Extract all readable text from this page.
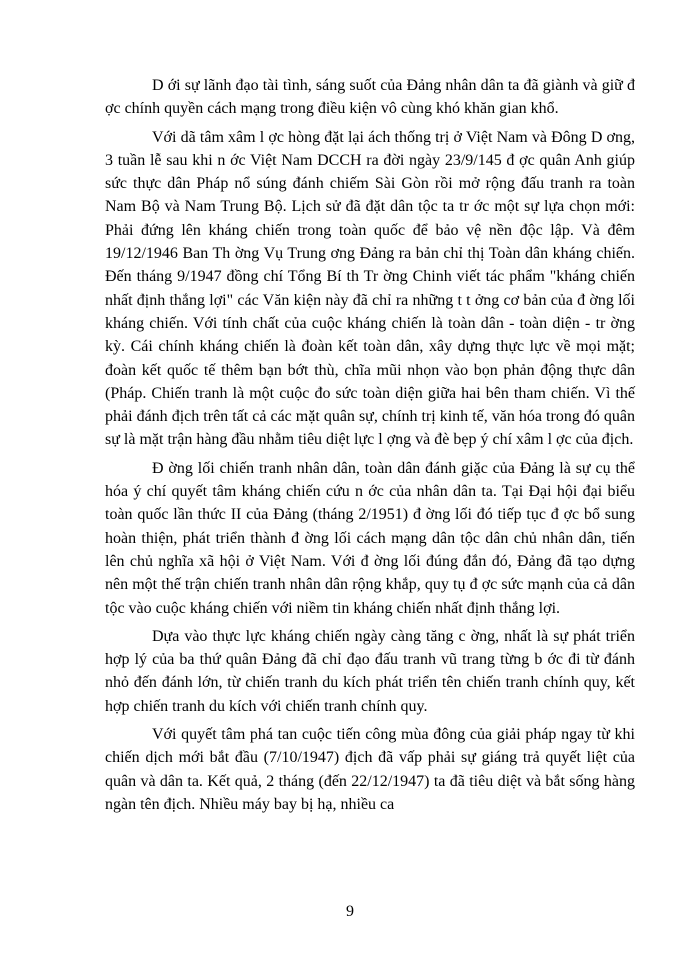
D ới sự lãnh đạo tài tình, sáng suốt của Đảng nhân dân ta đã giành và giữ đ ợc chính quyền cách mạng trong điều kiện vô cùng khó khăn gian khổ.

Với dã tâm xâm l ợc hòng đặt lại ách thống trị ở Việt Nam và Đông D ơng, 3 tuần lễ sau khi n ớc Việt Nam DCCH ra đời ngày 23/9/145 đ ợc quân Anh giúp sức thực dân Pháp nổ súng đánh chiếm Sài Gòn rồi mở rộng đấu tranh ra toàn Nam Bộ và Nam Trung Bộ. Lịch sử đã đặt dân tộc ta tr ớc một sự lựa chọn mới: Phải đứng lên kháng chiến trong toàn quốc để bảo vệ nền độc lập. Và đêm 19/12/1946 Ban Th ờng Vụ Trung ơng Đảng ra bản chỉ thị Toàn dân kháng chiến. Đến tháng 9/1947 đồng chí Tổng Bí th Tr ờng Chinh viết tác phẩm "kháng chiến nhất định thắng lợi" các Văn kiện này đã chỉ ra những t t ởng cơ bản của đ ờng lối kháng chiến. Với tính chất của cuộc kháng chiến là toàn dân - toàn diện - tr ờng kỳ. Cái chính kháng chiến là đoàn kết toàn dân, xây dựng thực lực về mọi mặt; đoàn kết quốc tế thêm bạn bớt thù, chĩa mũi nhọn vào bọn phản động thực dân (Pháp. Chiến tranh là một cuộc đo sức toàn diện giữa hai bên tham chiến. Vì thế phải đánh địch trên tất cả các mặt quân sự, chính trị kinh tế, văn hóa trong đó quân sự là mặt trận hàng đầu nhằm tiêu diệt lực l ợng và đè bẹp ý chí xâm l ợc của địch.

Đ ờng lối chiến tranh nhân dân, toàn dân đánh giặc của Đảng là sự cụ thể hóa ý chí quyết tâm kháng chiến cứu n ớc của nhân dân ta. Tại Đại hội đại biểu toàn quốc lần thức II của Đảng (tháng 2/1951) đ ờng lối đó tiếp tục đ ợc bổ sung hoàn thiện, phát triển thành đ ờng lối cách mạng dân tộc dân chủ nhân dân, tiến lên chủ nghĩa xã hội ở Việt Nam. Với đ ờng lối đúng đắn đó, Đảng đã tạo dựng nên một thế trận chiến tranh nhân dân rộng khắp, quy tụ đ ợc sức mạnh của cả dân tộc vào cuộc kháng chiến với niềm tin kháng chiến nhất định thắng lợi.

Dựa vào thực lực kháng chiến ngày càng tăng c ờng, nhất là sự phát triển hợp lý của ba thứ quân Đảng đã chỉ đạo đấu tranh vũ trang từng b ớc đi từ đánh nhỏ đến đánh lớn, từ chiến tranh du kích phát triển tên chiến tranh chính quy, kết hợp chiến tranh du kích với chiến tranh chính quy.

Với quyết tâm phá tan cuộc tiến công mùa đông của giải pháp ngay từ khi chiến dịch mới bắt đầu (7/10/1947) địch đã vấp phải sự giáng trả quyết liệt của quân và dân ta. Kết quả, 2 tháng (đến 22/12/1947) ta đã tiêu diệt và bắt sống hàng ngàn tên địch. Nhiều máy bay bị hạ, nhiều ca

9
